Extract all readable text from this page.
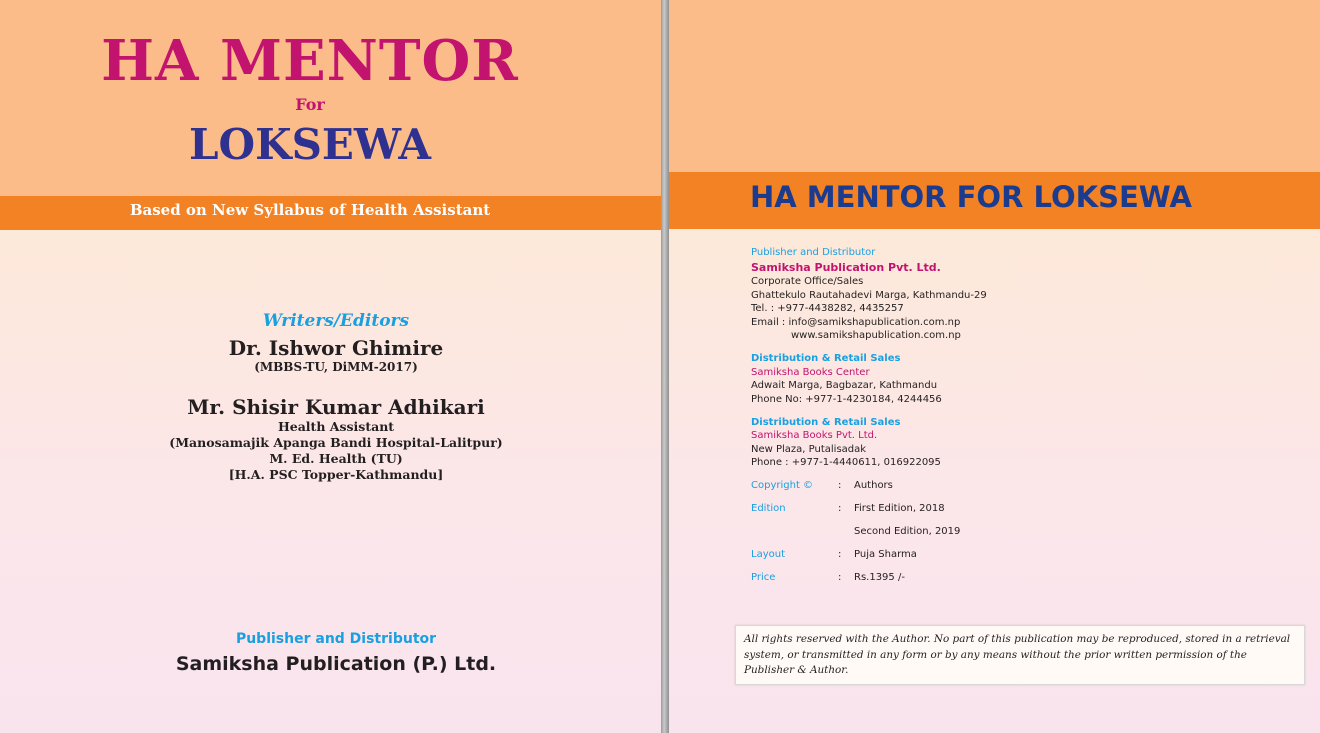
HA MENTOR
For
LOKSEWA
Based on New Syllabus of Health Assistant
Writers/Editors
Dr. Ishwor Ghimire
(MBBS-TU, DiMM-2017)
Mr. Shisir Kumar Adhikari
Health Assistant
(Manosamajik Apanga Bandi Hospital-Lalitpur)
M. Ed. Health (TU)
[H.A. PSC Topper-Kathmandu]
Publisher and Distributor
Samiksha Publication (P.) Ltd.
HA MENTOR FOR LOKSEWA
Publisher and Distributor
Samiksha Publication Pvt. Ltd.
Corporate Office/Sales
Ghattekulo Rautahadevi Marga, Kathmandu-29
Tel. : +977-4438282, 4435257
Email : info@samikshapublication.com.np
www.samikshapublication.com.np
Distribution & Retail Sales
Samiksha Books Center
Adwait Marga, Bagbazar, Kathmandu
Phone No: +977-1-4230184, 4244456
Distribution & Retail Sales
Samiksha Books Pvt. Ltd.
New Plaza, Putalisadak
Phone : +977-1-4440611, 016922095
Copyright © : Authors
Edition	: First Edition, 2018
Second Edition, 2019
Layout	: Puja Sharma
Price	: Rs.1395 /-
All rights reserved with the Author. No part of this publication may be reproduced, stored in a retrieval system, or transmitted in any form or by any means without the prior written permission of the Publisher & Author.
